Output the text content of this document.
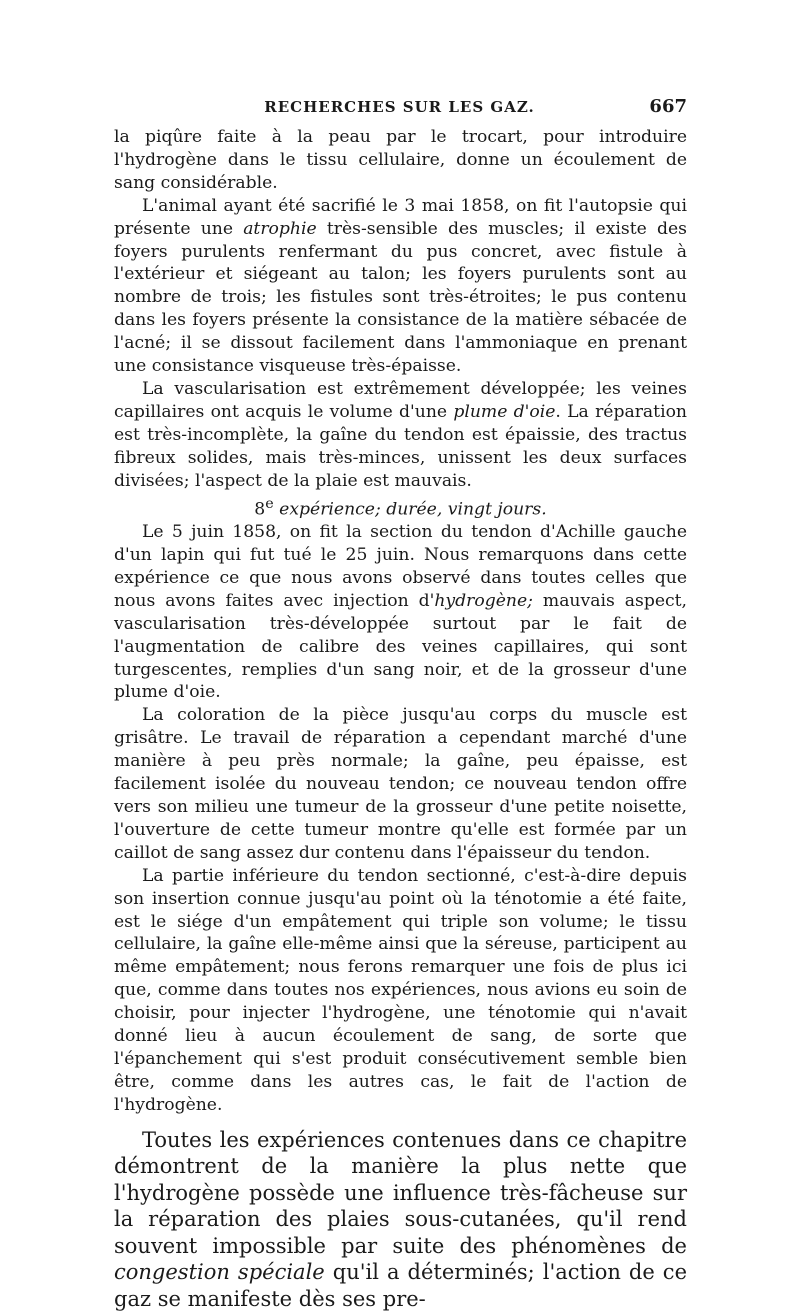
RECHERCHES SUR LES GAZ.	667

la piqûre faite à la peau par le trocart, pour introduire l'hydrogène dans le tissu cellulaire, donne un écoulement de sang considérable.

L'animal ayant été sacrifié le 3 mai 1858, on fit l'autopsie qui présente une atrophie très-sensible des muscles; il existe des foyers purulents renfermant du pus concret, avec fistule à l'extérieur et siégeant au talon; les foyers purulents sont au nombre de trois; les fistules sont très-étroites; le pus contenu dans les foyers présente la consistance de la matière sébacée de l'acné; il se dissout facilement dans l'ammoniaque en prenant une consistance visqueuse très-épaisse.

La vascularisation est extrêmement développée; les veines capillaires ont acquis le volume d'une plume d'oie. La réparation est très-incomplète, la gaîne du tendon est épaissie, des tractus fibreux solides, mais très-minces, unissent les deux surfaces divisées; l'aspect de la plaie est mauvais.

8e expérience; durée, vingt jours.

Le 5 juin 1858, on fit la section du tendon d'Achille gauche d'un lapin qui fut tué le 25 juin. Nous remarquons dans cette expérience ce que nous avons observé dans toutes celles que nous avons faites avec injection d'hydrogène; mauvais aspect, vascularisation très-développée surtout par le fait de l'augmentation de calibre des veines capillaires, qui sont turgescentes, remplies d'un sang noir, et de la grosseur d'une plume d'oie.

La coloration de la pièce jusqu'au corps du muscle est grisâtre. Le travail de réparation a cependant marché d'une manière à peu près normale; la gaîne, peu épaisse, est facilement isolée du nouveau tendon; ce nouveau tendon offre vers son milieu une tumeur de la grosseur d'une petite noisette, l'ouverture de cette tumeur montre qu'elle est formée par un caillot de sang assez dur contenu dans l'épaisseur du tendon.

La partie inférieure du tendon sectionné, c'est-à-dire depuis son insertion connue jusqu'au point où la ténotomie a été faite, est le siége d'un empâtement qui triple son volume; le tissu cellulaire, la gaîne elle-même ainsi que la séreuse, participent au même empâtement; nous ferons remarquer une fois de plus ici que, comme dans toutes nos expériences, nous avions eu soin de choisir, pour injecter l'hydrogène, une ténotomie qui n'avait donné lieu à aucun écoulement de sang, de sorte que l'épanchement qui s'est produit consécutivement semble bien être, comme dans les autres cas, le fait de l'action de l'hydrogène.

Toutes les expériences contenues dans ce chapitre démontrent de la manière la plus nette que l'hydrogène possède une influence très-fâcheuse sur la réparation des plaies sous-cutanées, qu'il rend souvent impossible par suite des phénomènes de congestion spéciale qu'il a déterminés; l'action de ce gaz se manifeste dès ses pre-
